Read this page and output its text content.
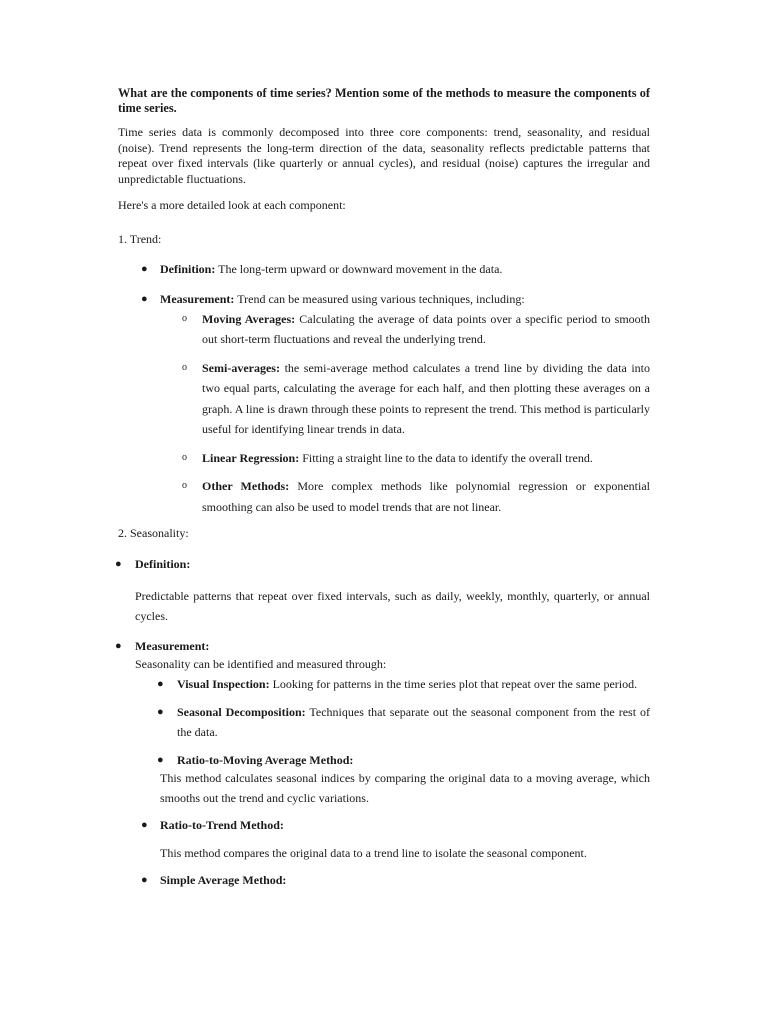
What are the components of time series? Mention some of the methods to measure the components of time series.

Time series data is commonly decomposed into three core components: trend, seasonality, and residual (noise). Trend represents the long-term direction of the data, seasonality reflects predictable patterns that repeat over fixed intervals (like quarterly or annual cycles), and residual (noise) captures the irregular and unpredictable fluctuations.

Here's a more detailed look at each component:

1. Trend:
● Definition: The long-term upward or downward movement in the data.
● Measurement: Trend can be measured using various techniques, including:
o Moving Averages: Calculating the average of data points over a specific period to smooth out short-term fluctuations and reveal the underlying trend.
o Semi-averages: the semi-average method calculates a trend line by dividing the data into two equal parts, calculating the average for each half, and then plotting these averages on a graph. A line is drawn through these points to represent the trend. This method is particularly useful for identifying linear trends in data.
o Linear Regression: Fitting a straight line to the data to identify the overall trend.
o Other Methods: More complex methods like polynomial regression or exponential smoothing can also be used to model trends that are not linear.
2. Seasonality:
● Definition:
Predictable patterns that repeat over fixed intervals, such as daily, weekly, monthly, quarterly, or annual cycles.
● Measurement:
Seasonality can be identified and measured through:
● Visual Inspection: Looking for patterns in the time series plot that repeat over the same period.
● Seasonal Decomposition: Techniques that separate out the seasonal component from the rest of the data.
● Ratio-to-Moving Average Method:
This method calculates seasonal indices by comparing the original data to a moving average, which smooths out the trend and cyclic variations.
● Ratio-to-Trend Method:
This method compares the original data to a trend line to isolate the seasonal component.
● Simple Average Method:
